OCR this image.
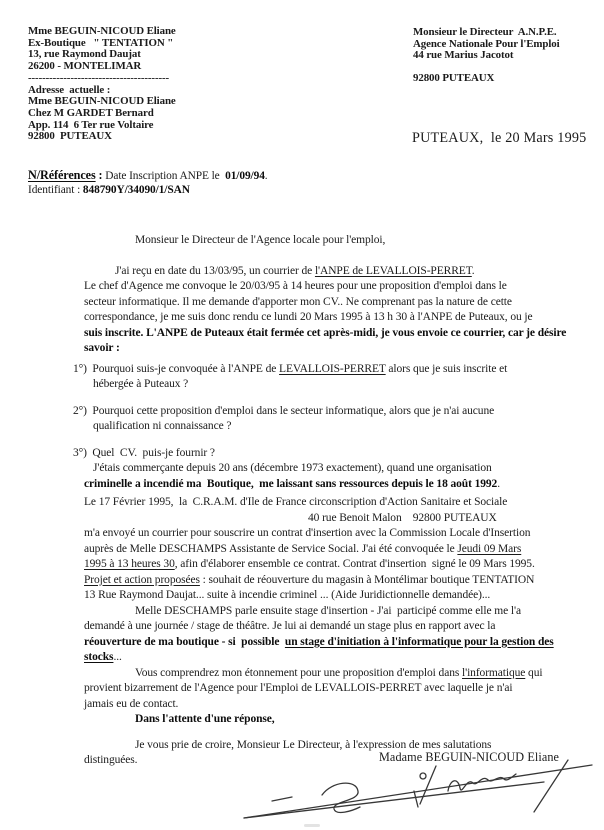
Mme BEGUIN-NICOUD Eliane
Ex-Boutique   " TENTATION "
13, rue Raymond Daujat
26200 - MONTELIMAR
----------------------------------------
Adresse  actuelle :
Mme BEGUIN-NICOUD Eliane
Chez M GARDET Bernard
App. 114  6 Ter rue Voltaire
92800  PUTEAUX
Monsieur le Directeur  A.N.P.E.
Agence Nationale Pour l'Emploi
44 rue Marius Jacotot

92800 PUTEAUX
PUTEAUX,  le 20 Mars 1995
N/Références : Date Inscription ANPE le  01/09/94.
Identifiant : 848790Y/34090/1/SAN
Monsieur le Directeur de l'Agence locale pour l'emploi,
J'ai reçu en date du 13/03/95, un courrier de l'ANPE de LEVALLOIS-PERRET.
Le chef d'Agence me convoque le 20/03/95 à 14 heures pour une proposition d'emploi dans le
secteur informatique. Il me demande d'apporter mon CV.. Ne comprenant pas la nature de cette
correspondance, je me suis donc rendu ce lundi 20 Mars 1995 à 13 h 30 à l'ANPE de Puteaux, ou je
suis inscrite. L'ANPE de Puteaux était fermée cet après-midi, je vous envoie ce courrier, car je désire
savoir :
1°)  Pourquoi suis-je convoquée à l'ANPE de LEVALLOIS-PERRET alors que je suis inscrite et
hébergée à Puteaux ?
2°)  Pourquoi cette proposition d'emploi dans le secteur informatique, alors que je n'ai aucune
qualification ni connaissance ?
3°)  Quel  CV.  puis-je fournir ?
J'étais commerçante depuis 20 ans (décembre 1973 exactement), quand une organisation
criminelle a incendié ma  Boutique,  me laissant sans ressources depuis le 18 août 1992.
Le 17 Février 1995,  la  C.R.A.M. d'Ile de France circonscription d'Action Sanitaire et Sociale
40 rue Benoit Malon    92800 PUTEAUX
m'a envoyé un courrier pour souscrire un contrat d'insertion avec la Commission Locale d'Insertion
auprès de Melle DESCHAMPS Assistante de Service Social. J'ai été convoquée le Jeudi 09 Mars
1995 à 13 heures 30, afin d'élaborer ensemble ce contrat. Contrat d'insertion  signé le 09 Mars 1995.
Projet et action proposées : souhait de réouverture du magasin à Montélimar boutique TENTATION
13 Rue Raymond Daujat... suite à incendie criminel ... (Aide Juridictionnelle demandée)...
Melle DESCHAMPS parle ensuite stage d'insertion - J'ai  participé comme elle me l'a
demandé à une journée / stage de théâtre. Je lui ai demandé un stage plus en rapport avec la
réouverture de ma boutique - si  possible  un stage d'initiation à l'informatique pour la gestion des
stocks...
Vous comprendrez mon étonnement pour une proposition d'emploi dans l'informatique qui
provient bizarrement de l'Agence pour l'Emploi de LEVALLOIS-PERRET avec laquelle je n'ai
jamais eu de contact.
Dans l'attente d'une réponse,
Je vous prie de croire, Monsieur Le Directeur, à l'expression de mes salutations
distinguées.	Madame BEGUIN-NICOUD Eliane
